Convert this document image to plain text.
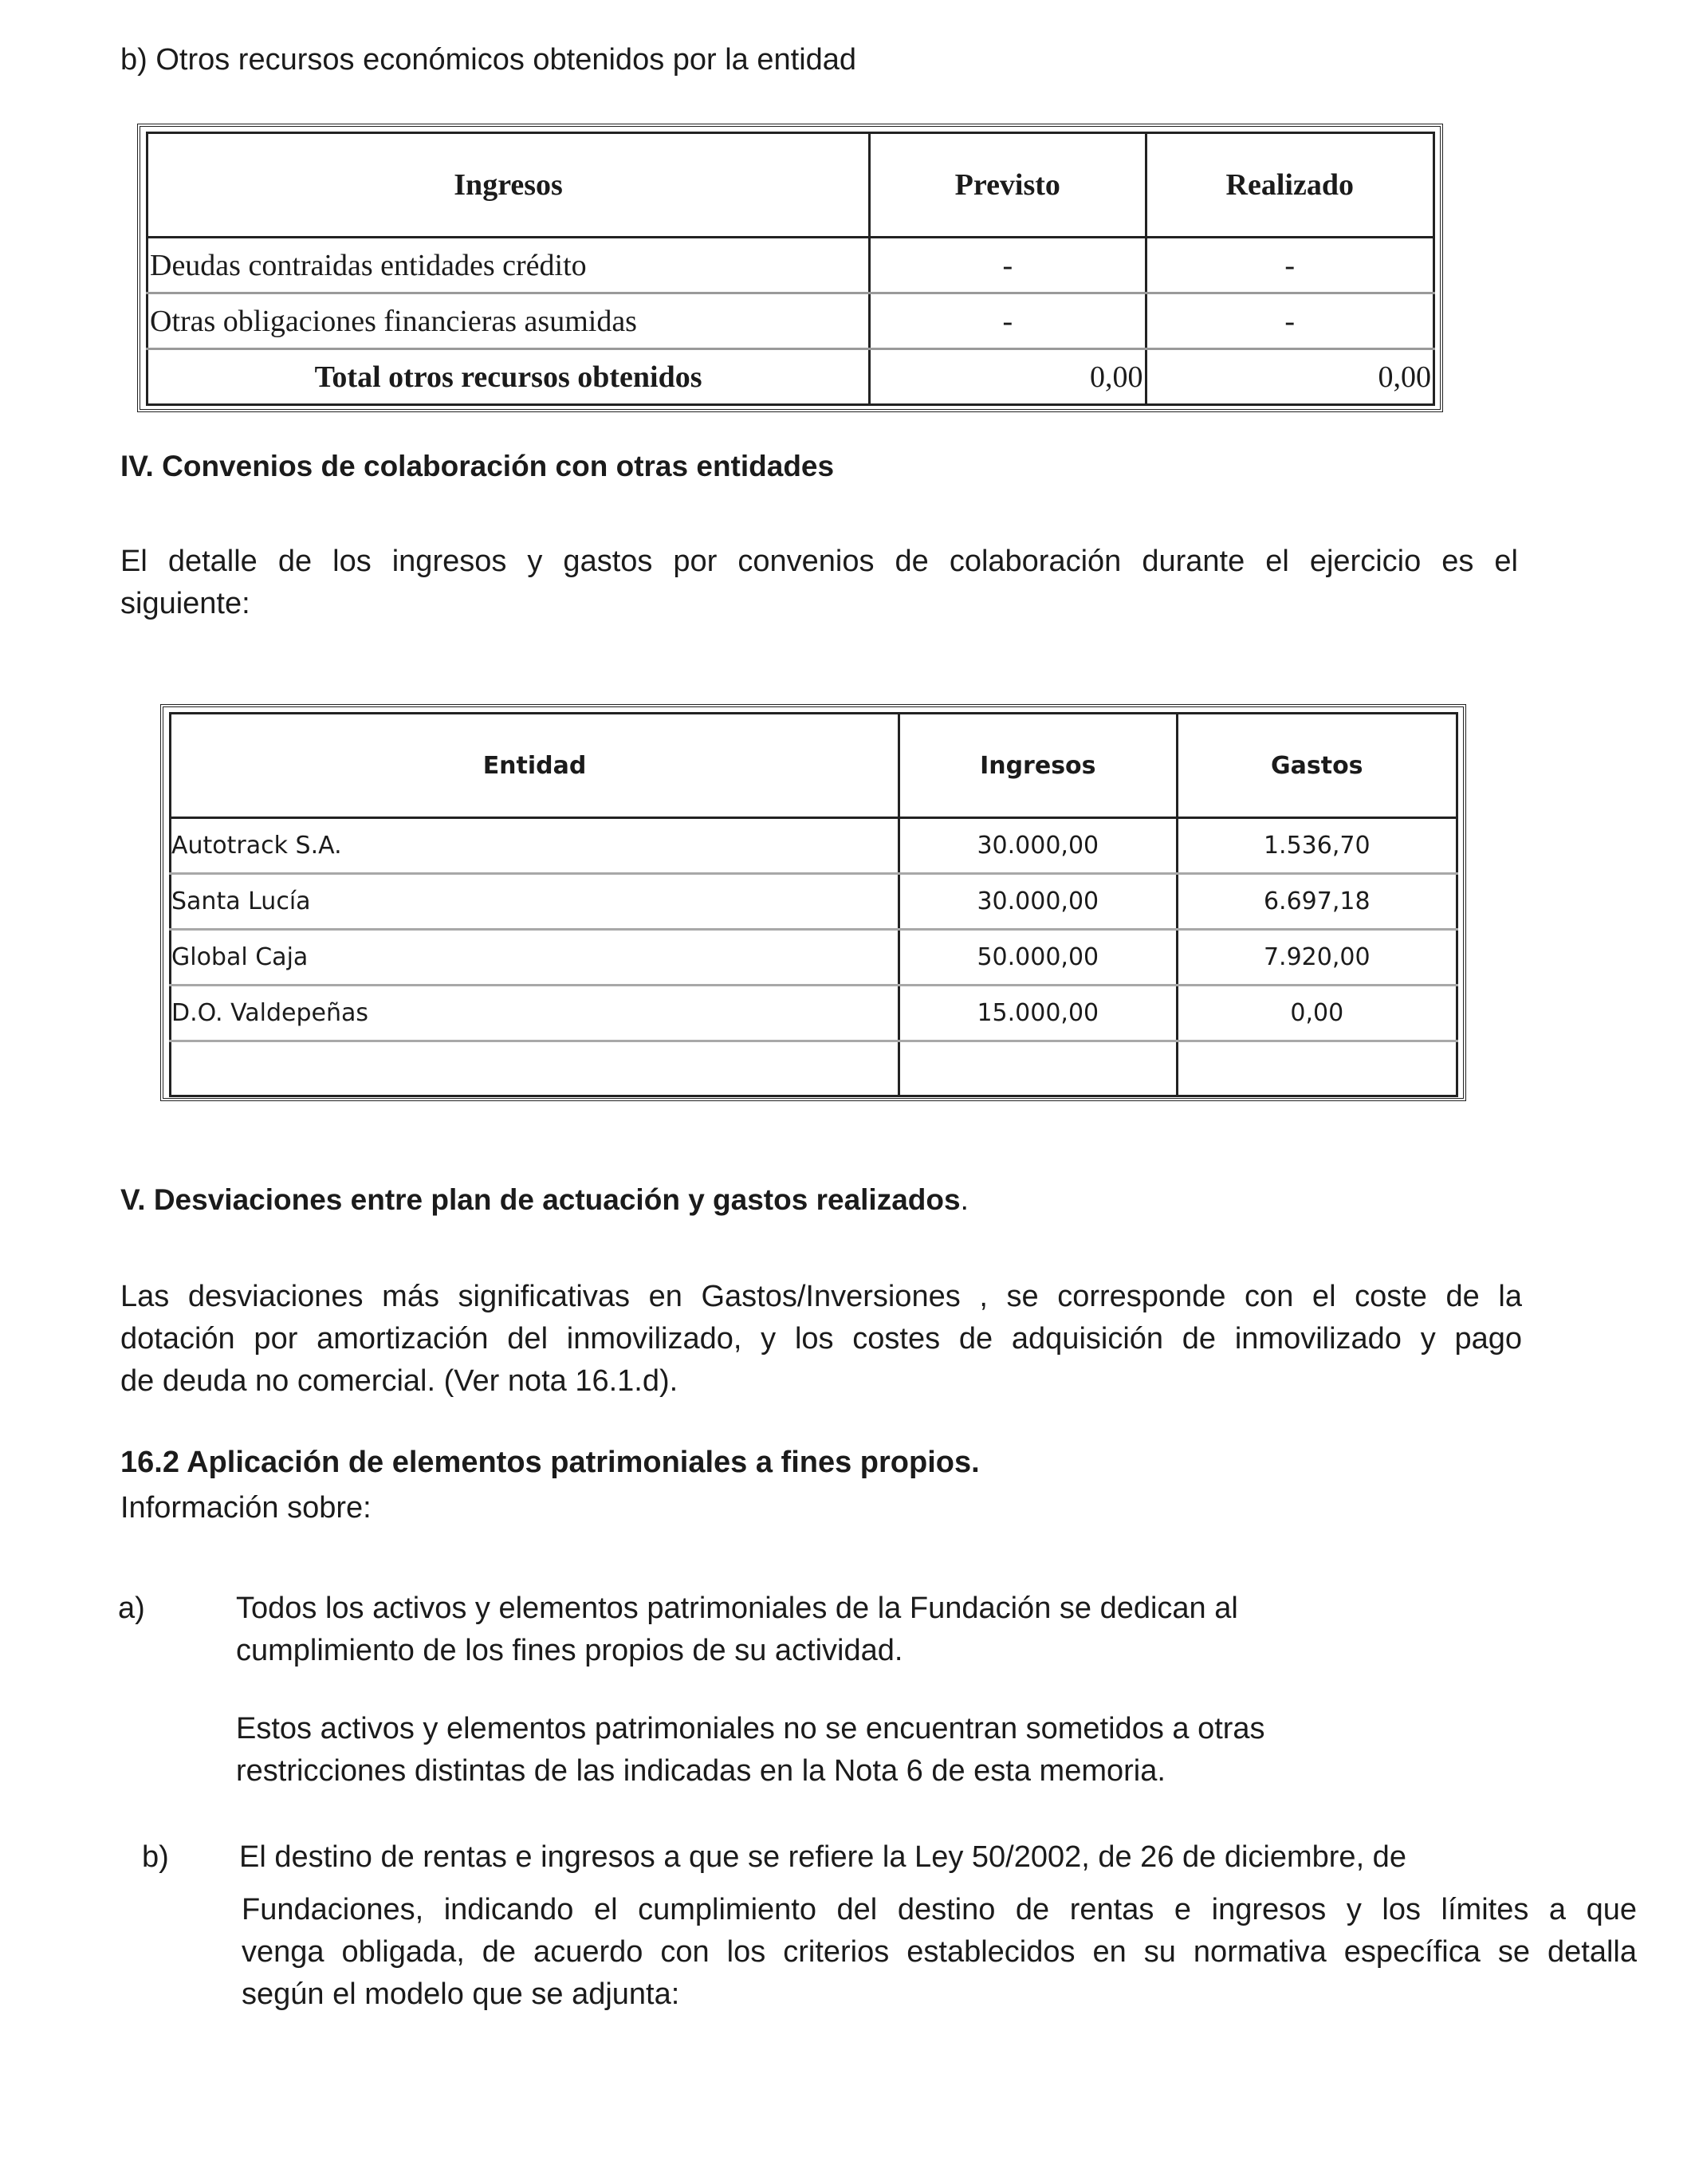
b) Otros recursos económicos obtenidos por la entidad
Ingresos	Previsto	Realizado
Deudas contraidas entidades crédito	-	-
Otras obligaciones financieras asumidas	-	-
Total otros recursos obtenidos	0,00	0,00
IV. Convenios de colaboración con otras entidades
El detalle de los ingresos y gastos por convenios de colaboración durante el ejercicio es el
siguiente:
Entidad	Ingresos	Gastos
Autotrack S.A.	30.000,00	1.536,70
Santa Lucía	30.000,00	6.697,18
Global Caja	50.000,00	7.920,00
D.O. Valdepeñas	15.000,00	0,00

V. Desviaciones entre plan de actuación y gastos realizados.
Las desviaciones más significativas en Gastos/Inversiones , se corresponde con el coste de la
dotación por amortización del inmovilizado, y los costes de adquisición de inmovilizado y pago
de deuda no comercial. (Ver nota 16.1.d).
16.2 Aplicación de elementos patrimoniales a fines propios.
Información sobre:
a)	Todos los activos y elementos patrimoniales de la Fundación se dedican al
cumplimiento de los fines propios de su actividad.
Estos activos y elementos patrimoniales no se encuentran sometidos a otras
restricciones distintas de las indicadas en la Nota 6 de esta memoria.
b) El destino de rentas e ingresos a que se refiere la Ley 50/2002, de 26 de diciembre, de
Fundaciones, indicando el cumplimiento del destino de rentas e ingresos y los límites a que
venga obligada, de acuerdo con los criterios establecidos en su normativa específica se detalla
según el modelo que se adjunta:
